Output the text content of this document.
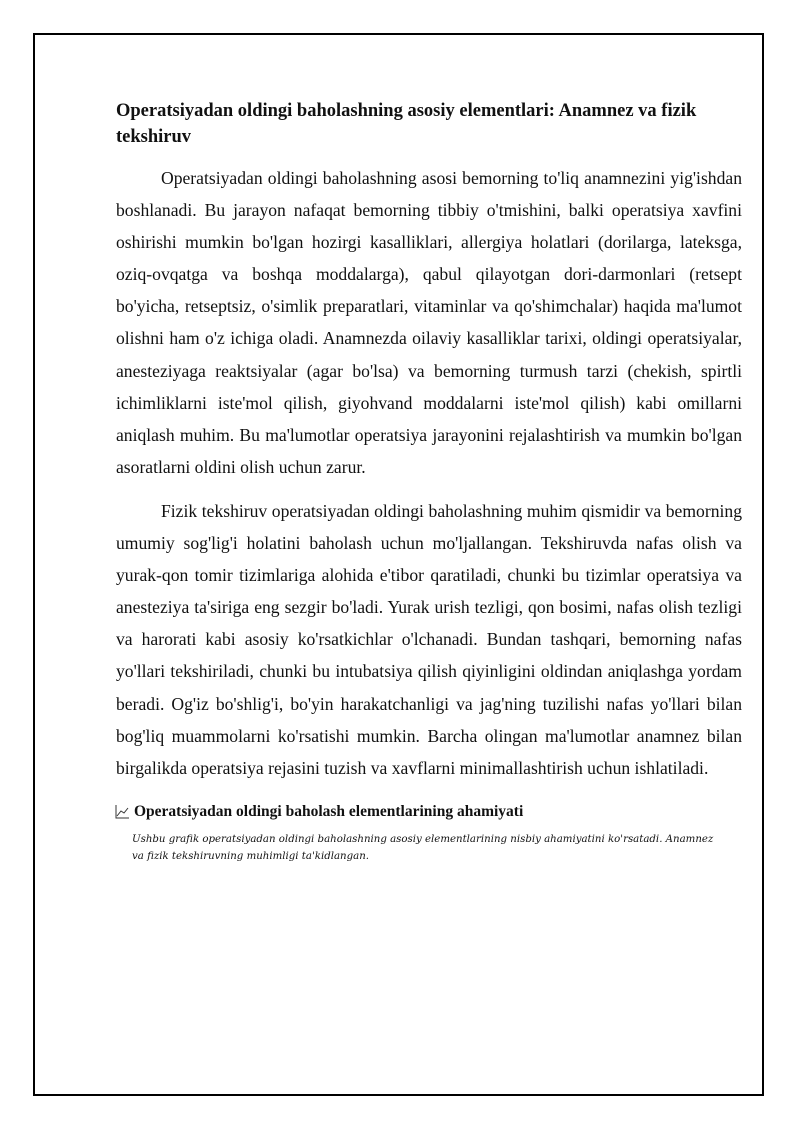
Operatsiyadan oldingi baholashning asosiy elementlari: Anamnez va fizik tekshiruv

Operatsiyadan oldingi baholashning asosi bemorning to'liq anamnezini yig'ishdan boshlanadi. Bu jarayon nafaqat bemorning tibbiy o'tmishini, balki operatsiya xavfini oshirishi mumkin bo'lgan hozirgi kasalliklari, allergiya holatlari (dorilarga, lateksga, oziq-ovqatga va boshqa moddalarga), qabul qilayotgan dori-darmonlari (retsept bo'yicha, retseptsiz, o'simlik preparatlari, vitaminlar va qo'shimchalar) haqida ma'lumot olishni ham o'z ichiga oladi. Anamnezda oilaviy kasalliklar tarixi, oldingi operatsiyalar, anesteziyaga reaktsiyalar (agar bo'lsa) va bemorning turmush tarzi (chekish, spirtli ichimliklarni iste'mol qilish, giyohvand moddalarni iste'mol qilish) kabi omillarni aniqlash muhim. Bu ma'lumotlar operatsiya jarayonini rejalashtirish va mumkin bo'lgan asoratlarni oldini olish uchun zarur.

Fizik tekshiruv operatsiyadan oldingi baholashning muhim qismidir va bemorning umumiy sog'lig'i holatini baholash uchun mo'ljallangan. Tekshiruvda nafas olish va yurak-qon tomir tizimlariga alohida e'tibor qaratiladi, chunki bu tizimlar operatsiya va anesteziya ta'siriga eng sezgir bo'ladi. Yurak urish tezligi, qon bosimi, nafas olish tezligi va harorati kabi asosiy ko'rsatkichlar o'lchanadi. Bundan tashqari, bemorning nafas yo'llari tekshiriladi, chunki bu intubatsiya qilish qiyinligini oldindan aniqlashga yordam beradi. Og'iz bo'shlig'i, bo'yin harakatchanligi va jag'ning tuzilishi nafas yo'llari bilan bog'liq muammolarni ko'rsatishi mumkin. Barcha olingan ma'lumotlar anamnez bilan birgalikda operatsiya rejasini tuzish va xavflarni minimallashtirish uchun ishlatiladi.

Operatsiyadan oldingi baholash elementlarining ahamiyati
Ushbu grafik operatsiyadan oldingi baholashning asosiy elementlarining nisbiy ahamiyatini ko'rsatadi. Anamnez va fizik tekshiruvning muhimligi ta'kidlangan.
